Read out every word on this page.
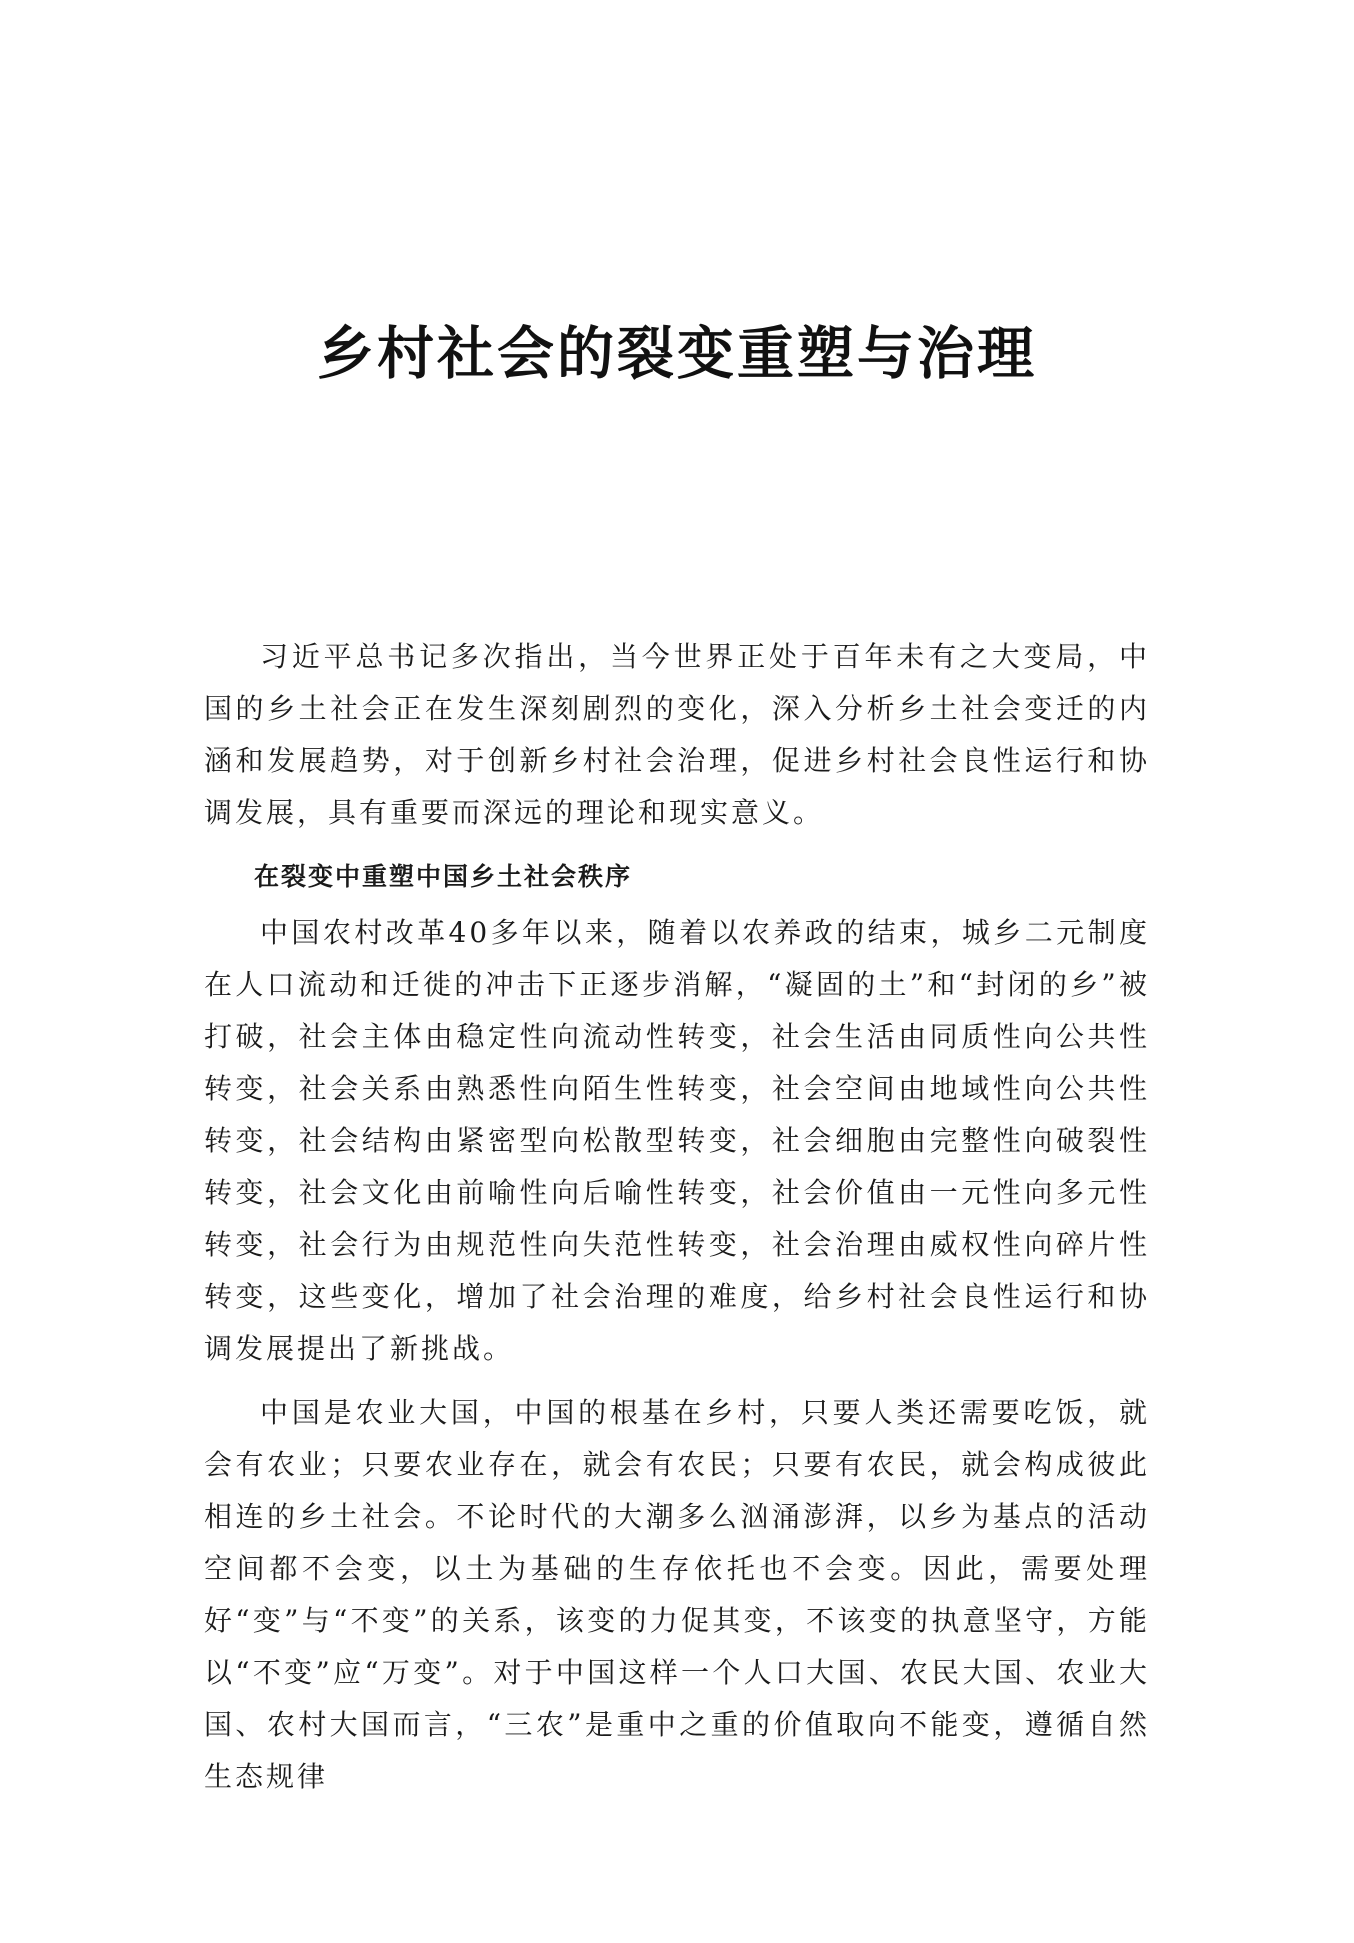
乡村社会的裂变重塑与治理

习近平总书记多次指出，当今世界正处于百年未有之大变局，中国的乡土社会正在发生深刻剧烈的变化，深入分析乡土社会变迁的内涵和发展趋势，对于创新乡村社会治理，促进乡村社会良性运行和协调发展，具有重要而深远的理论和现实意义。

在裂变中重塑中国乡土社会秩序

中国农村改革40多年以来，随着以农养政的结束，城乡二元制度在人口流动和迁徙的冲击下正逐步消解，“凝固的土”和“封闭的乡”被打破，社会主体由稳定性向流动性转变，社会生活由同质性向公共性转变，社会关系由熟悉性向陌生性转变，社会空间由地域性向公共性转变，社会结构由紧密型向松散型转变，社会细胞由完整性向破裂性转变，社会文化由前喻性向后喻性转变，社会价值由一元性向多元性转变，社会行为由规范性向失范性转变，社会治理由威权性向碎片性转变，这些变化，增加了社会治理的难度，给乡村社会良性运行和协调发展提出了新挑战。

中国是农业大国，中国的根基在乡村，只要人类还需要吃饭，就会有农业；只要农业存在，就会有农民；只要有农民，就会构成彼此相连的乡土社会。不论时代的大潮多么汹涌澎湃，以乡为基点的活动空间都不会变，以土为基础的生存依托也不会变。因此，需要处理好“变”与“不变”的关系，该变的力促其变，不该变的执意坚守，方能以“不变”应“万变”。对于中国这样一个人口大国、农民大国、农业大国、农村大国而言，“三农”是重中之重的价值取向不能变，遵循自然生态规律
